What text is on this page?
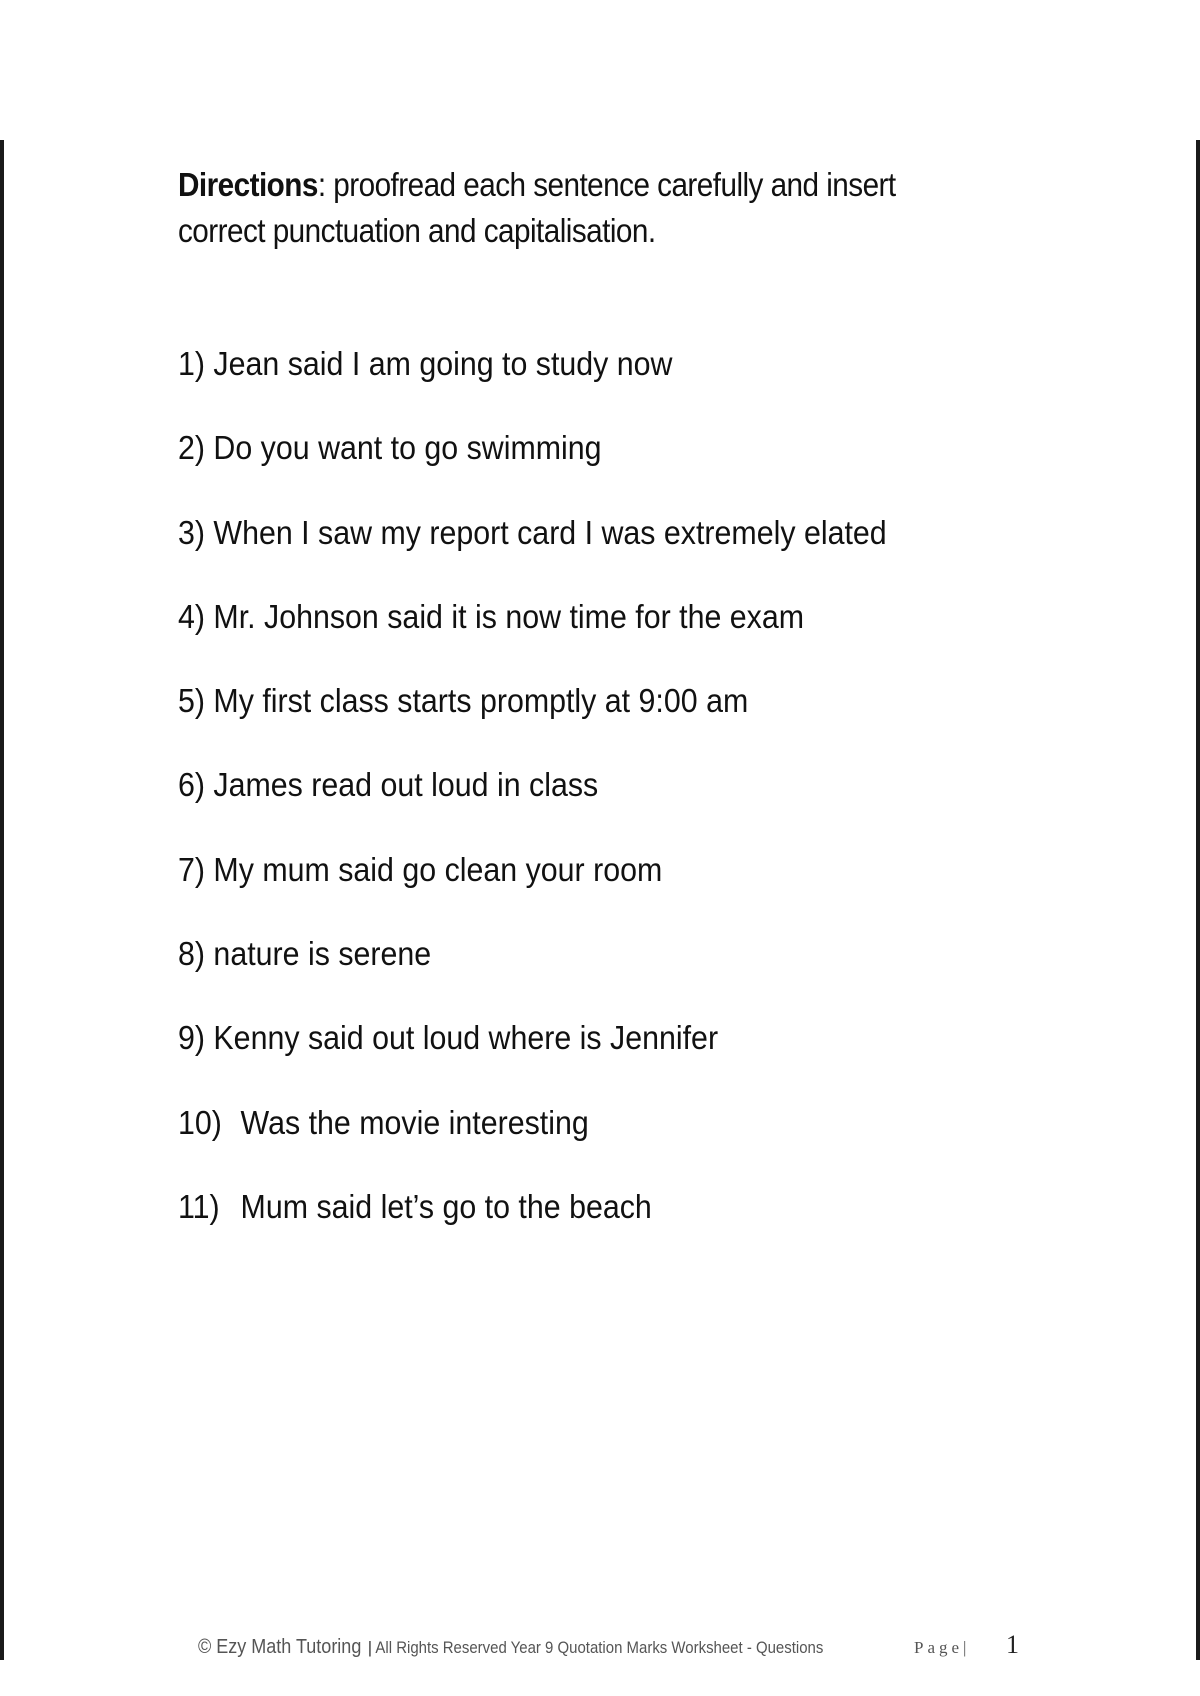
Directions: proofread each sentence carefully and insert correct punctuation and capitalisation.
1) Jean said I am going to study now
2) Do you want to go swimming
3) When I saw my report card I was extremely elated
4) Mr. Johnson said it is now time for the exam
5) My first class starts promptly at 9:00 am
6) James read out loud in class
7) My mum said go clean your room
8) nature is serene
9) Kenny said out loud where is Jennifer
10) Was the movie interesting
11) Mum said let’s go to the beach
© Ezy Math Tutoring | All Rights Reserved Year 9 Quotation Marks Worksheet - Questions	Page| 1
